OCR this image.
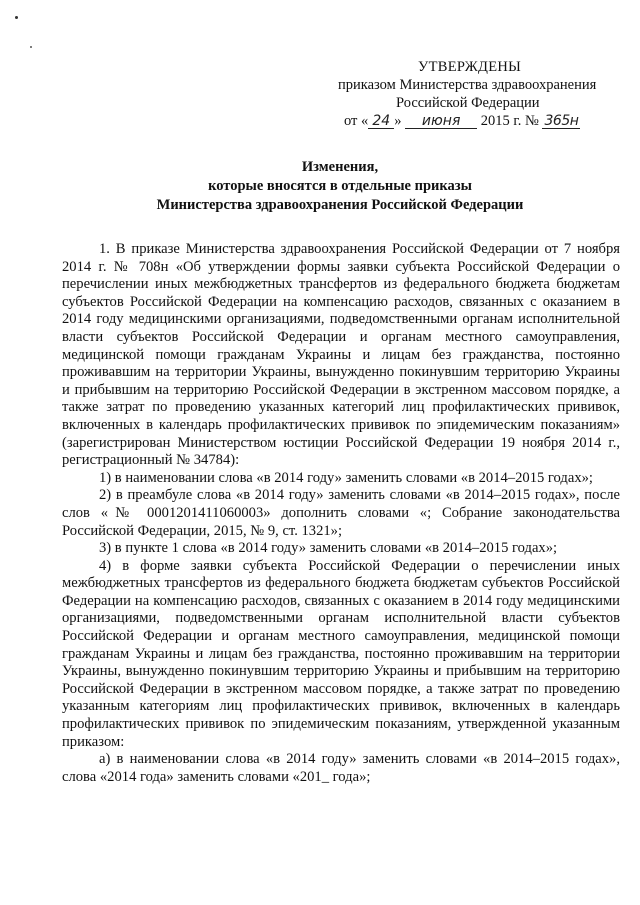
УТВЕРЖДЕНЫ
приказом Министерства здравоохранения
Российской Федерации
от « 24 » июня 2015 г. № 365н
Изменения,
которые вносятся в отдельные приказы
Министерства здравоохранения Российской Федерации

1. В приказе Министерства здравоохранения Российской Федерации от 7 ноября 2014 г. № 708н «Об утверждении формы заявки субъекта Российской Федерации о перечислении иных межбюджетных трансфертов из федерального бюджета бюджетам субъектов Российской Федерации на компенсацию расходов, связанных с оказанием в 2014 году медицинскими организациями, подведомственными органам исполнительной власти субъектов Российской Федерации и органам местного самоуправления, медицинской помощи гражданам Украины и лицам без гражданства, постоянно проживавшим на территории Украины, вынужденно покинувшим территорию Украины и прибывшим на территорию Российской Федерации в экстренном массовом порядке, а также затрат по проведению указанных категорий лиц профилактических прививок, включенных в календарь профилактических прививок по эпидемическим показаниям» (зарегистрирован Министерством юстиции Российской Федерации 19 ноября 2014 г., регистрационный № 34784):

1) в наименовании слова «в 2014 году» заменить словами «в 2014–2015 годах»;

2) в преамбуле слова «в 2014 году» заменить словами «в 2014–2015 годах», после слов «№ 0001201411060003» дополнить словами «; Собрание законодательства Российской Федерации, 2015, № 9, ст. 1321»;

3) в пункте 1 слова «в 2014 году» заменить словами «в 2014–2015 годах»;

4) в форме заявки субъекта Российской Федерации о перечислении иных межбюджетных трансфертов из федерального бюджета бюджетам субъектов Российской Федерации на компенсацию расходов, связанных с оказанием в 2014 году медицинскими организациями, подведомственными органам исполнительной власти субъектов Российской Федерации и органам местного самоуправления, медицинской помощи гражданам Украины и лицам без гражданства, постоянно проживавшим на территории Украины, вынужденно покинувшим территорию Украины и прибывшим на территорию Российской Федерации в экстренном массовом порядке, а также затрат по проведению указанным категориям лиц профилактических прививок, включенных в календарь профилактических прививок по эпидемическим показаниям, утвержденной указанным приказом:

а) в наименовании слова «в 2014 году» заменить словами «в 2014–2015 годах», слова «2014 года» заменить словами «201_ года»;
